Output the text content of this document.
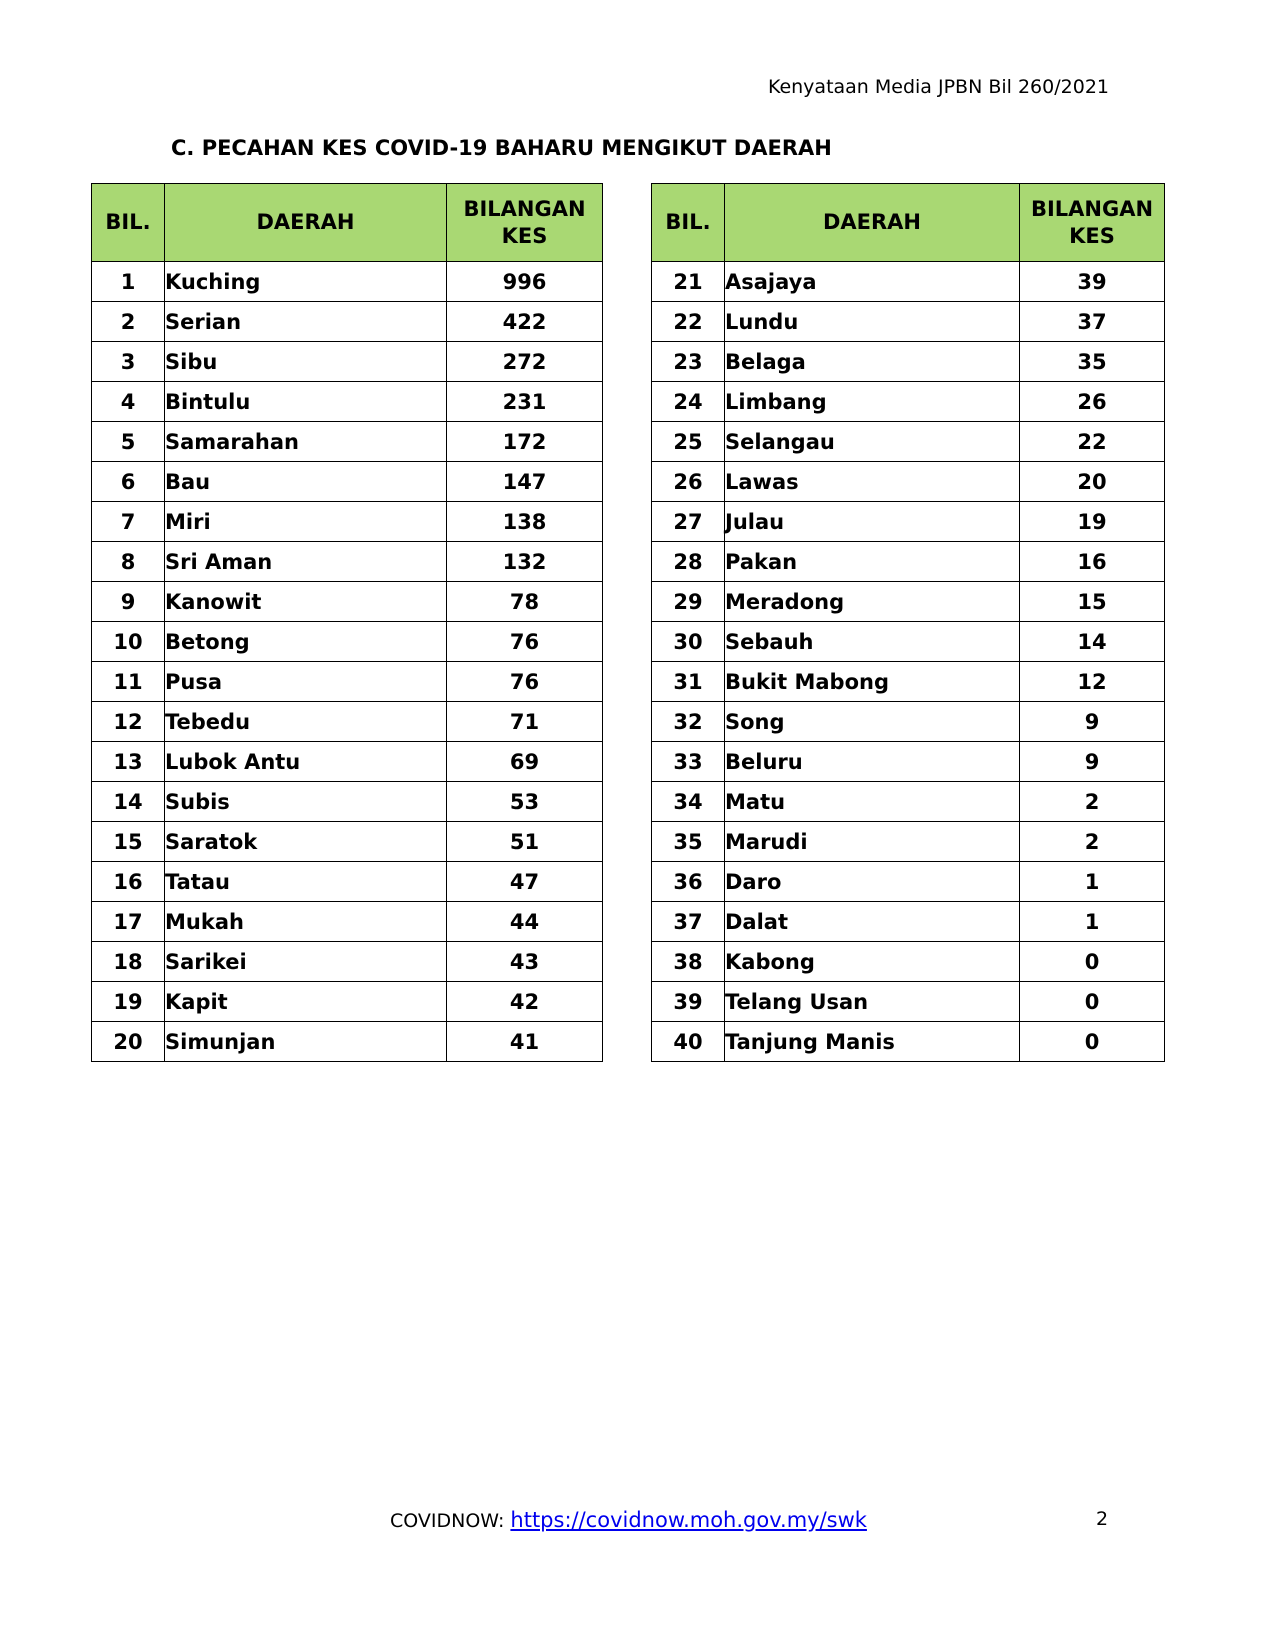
Kenyataan Media JPBN Bil 260/2021
C. PECAHAN KES COVID-19 BAHARU MENGIKUT DAERAH
BIL.	DAERAH	BILANGAN
KES
1	Kuching	996
2	Serian	422
3	Sibu	272
4	Bintulu	231
5	Samarahan	172
6	Bau	147
7	Miri	138
8	Sri Aman	132
9	Kanowit	78
10	Betong	76
11	Pusa	76
12	Tebedu	71
13	Lubok Antu	69
14	Subis	53
15	Saratok	51
16	Tatau	47
17	Mukah	44
18	Sarikei	43
19	Kapit	42
20	Simunjan	41
BIL.	DAERAH	BILANGAN
KES
21	Asajaya	39
22	Lundu	37
23	Belaga	35
24	Limbang	26
25	Selangau	22
26	Lawas	20
27	Julau	19
28	Pakan	16
29	Meradong	15
30	Sebauh	14
31	Bukit Mabong	12
32	Song	9
33	Beluru	9
34	Matu	2
35	Marudi	2
36	Daro	1
37	Dalat	1
38	Kabong	0
39	Telang Usan	0
40	Tanjung Manis	0
COVIDNOW: https://covidnow.moh.gov.my/swk	2
